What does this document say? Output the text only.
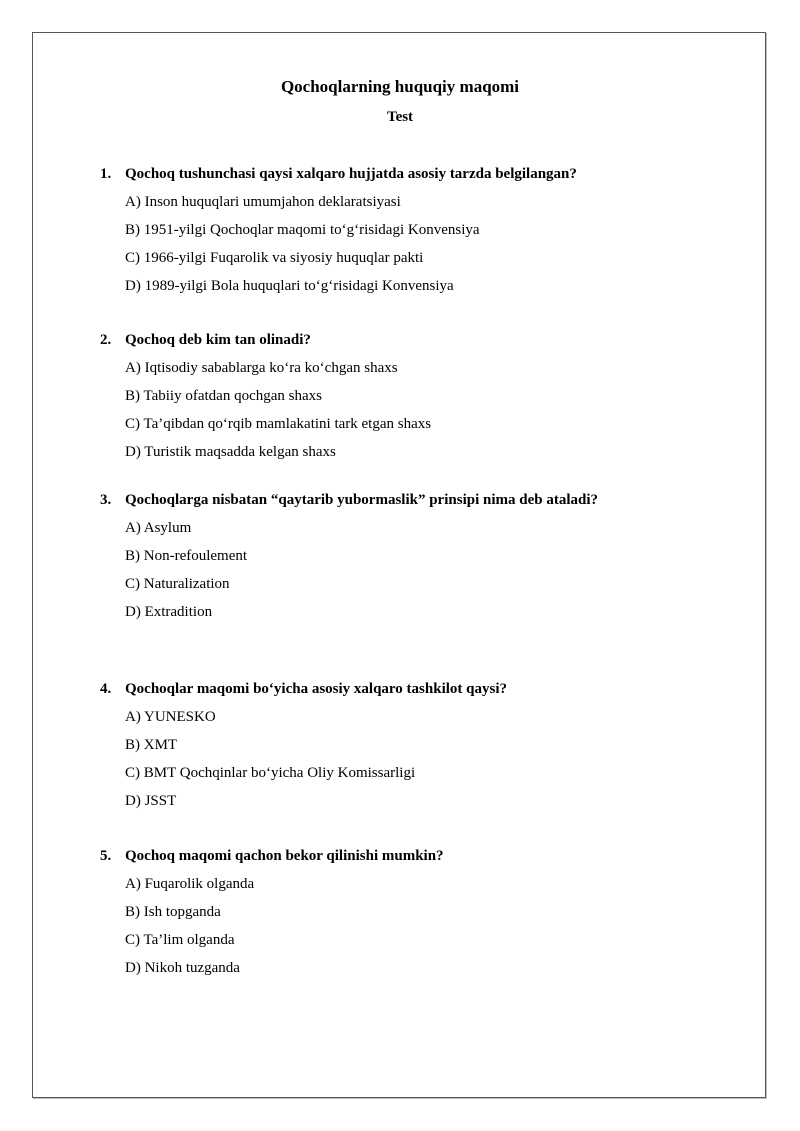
Qochoqlarning huquqiy maqomi
Test
1. Qochoq tushunchasi qaysi xalqaro hujjatda asosiy tarzda belgilangan?
A) Inson huquqlari umumjahon deklaratsiyasi
B) 1951-yilgi Qochoqlar maqomi to‘g‘risidagi Konvensiya
C) 1966-yilgi Fuqarolik va siyosiy huquqlar pakti
D) 1989-yilgi Bola huquqlari to‘g‘risidagi Konvensiya
2. Qochoq deb kim tan olinadi?
A) Iqtisodiy sabablarga ko‘ra ko‘chgan shaxs
B) Tabiiy ofatdan qochgan shaxs
C) Ta’qibdan qo‘rqib mamlakatini tark etgan shaxs
D) Turistik maqsadda kelgan shaxs
3. Qochoqlarga nisbatan “qaytarib yubormaslik” prinsipi nima deb ataladi?
A) Asylum
B) Non-refoulement
C) Naturalization
D) Extradition
4. Qochoqlar maqomi bo‘yicha asosiy xalqaro tashkilot qaysi?
A) YUNESKO
B) XMT
C) BMT Qochqinlar bo‘yicha Oliy Komissarligi
D) JSST
5. Qochoq maqomi qachon bekor qilinishi mumkin?
A) Fuqarolik olganda
B) Ish topganda
C) Ta’lim olganda
D) Nikoh tuzganda
